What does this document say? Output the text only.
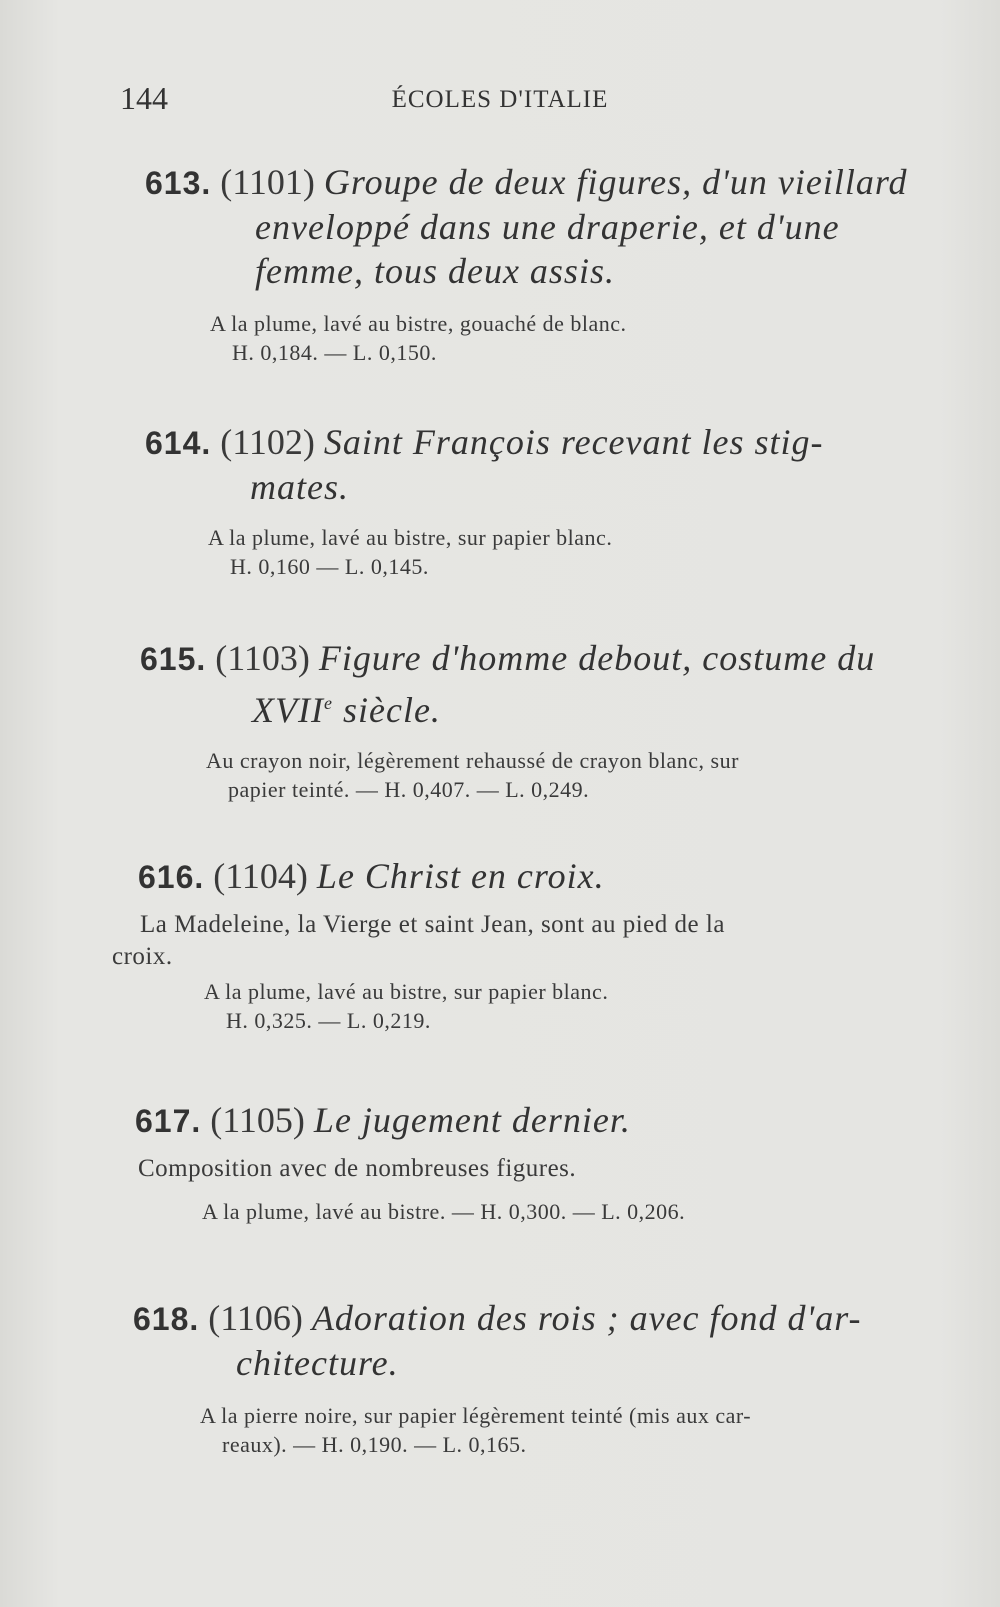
144	ÉCOLES D'ITALIE
613. (1101) Groupe de deux figures, d'un vieillard
enveloppé dans une draperie, et d'une
femme, tous deux assis.
A la plume, lavé au bistre, gouaché de blanc.
H. 0,184. — L. 0,150.
614. (1102) Saint François recevant les stig-
mates.
A la plume, lavé au bistre, sur papier blanc.
H. 0,160 — L. 0,145.
615. (1103) Figure d'homme debout, costume du
XVIIe siècle.
Au crayon noir, légèrement rehaussé de crayon blanc, sur
papier teinté. — H. 0,407. — L. 0,249.
616. (1104) Le Christ en croix.
La Madeleine, la Vierge et saint Jean, sont au pied de la
croix.
A la plume, lavé au bistre, sur papier blanc.
H. 0,325. — L. 0,219.
617. (1105) Le jugement dernier.
Composition avec de nombreuses figures.
A la plume, lavé au bistre. — H. 0,300. — L. 0,206.
618. (1106) Adoration des rois ; avec fond d'ar-
chitecture.
A la pierre noire, sur papier légèrement teinté (mis aux car-
reaux). — H. 0,190. — L. 0,165.
